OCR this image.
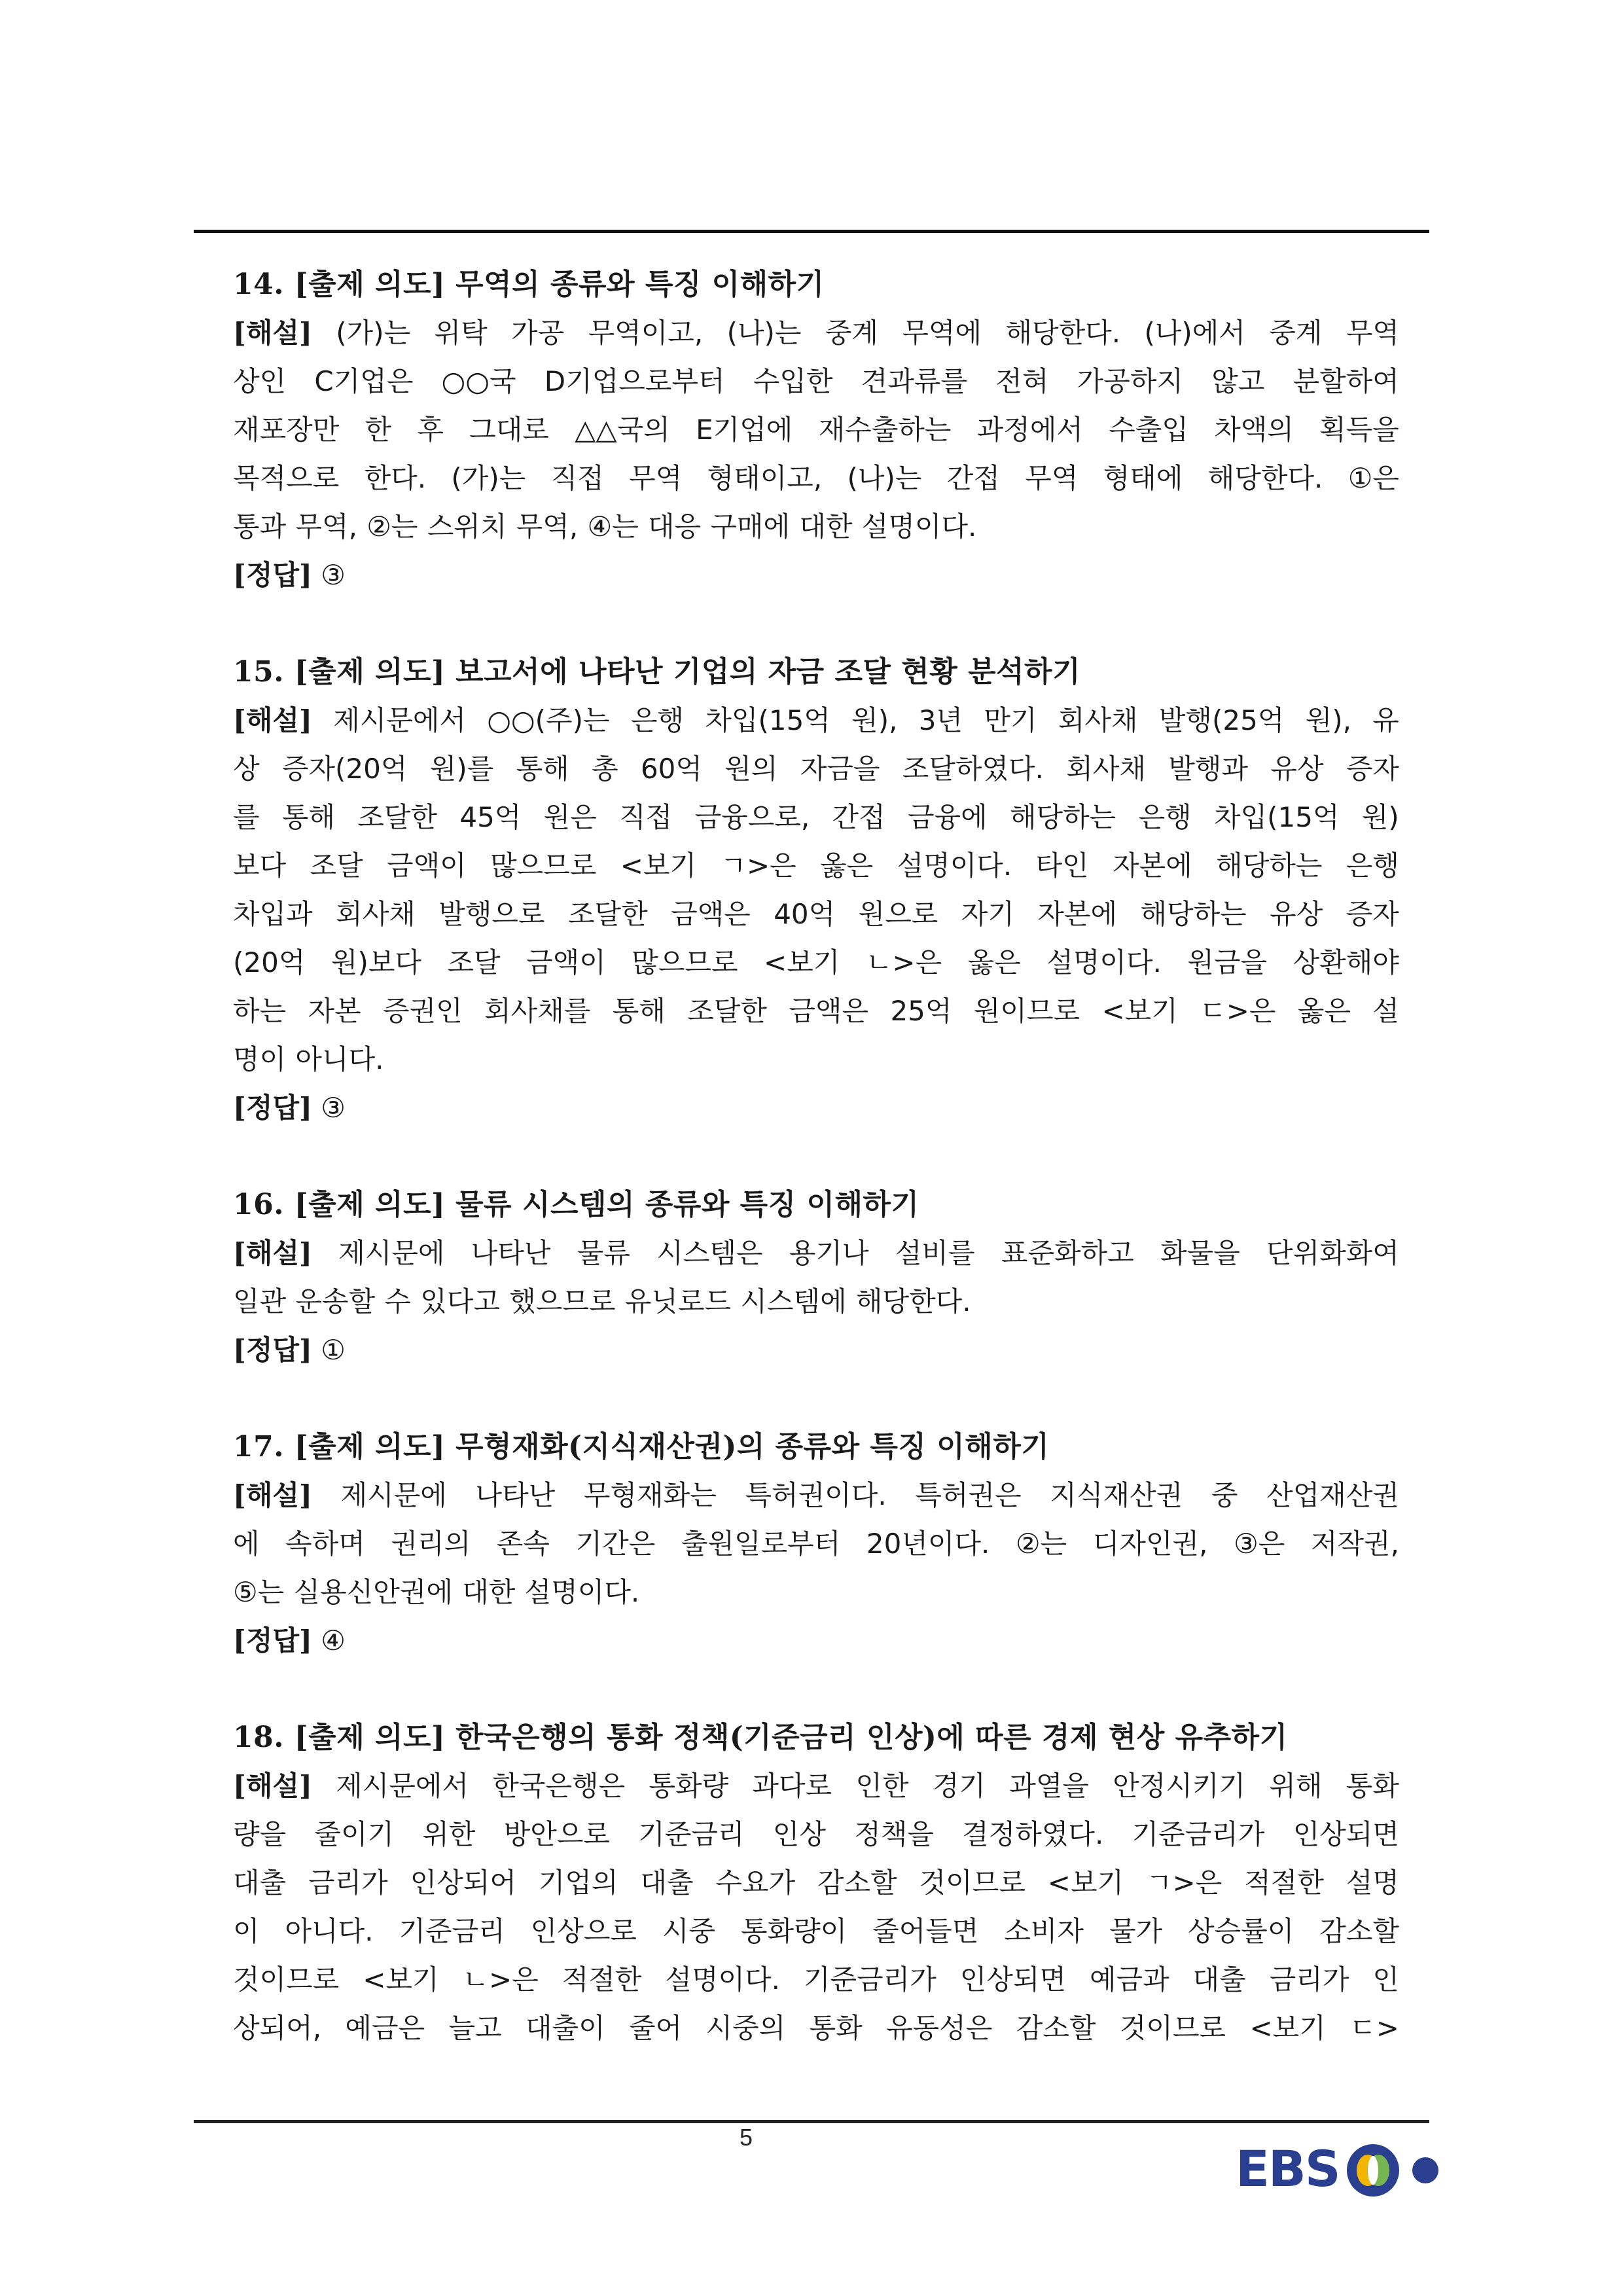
14. [출제 의도] 무역의 종류와 특징 이해하기
[해설] (가)는 위탁 가공 무역이고, (나)는 중계 무역에 해당한다. (나)에서 중계 무역
상인 C기업은 ○○국 D기업으로부터 수입한 견과류를 전혀 가공하지 않고 분할하여
재포장만 한 후 그대로 △△국의 E기업에 재수출하는 과정에서 수출입 차액의 획득을
목적으로 한다. (가)는 직접 무역 형태이고, (나)는 간접 무역 형태에 해당한다. ①은
통과 무역, ②는 스위치 무역, ④는 대응 구매에 대한 설명이다.
[정답] ③
15. [출제 의도] 보고서에 나타난 기업의 자금 조달 현황 분석하기
[해설] 제시문에서 ○○(주)는 은행 차입(15억 원), 3년 만기 회사채 발행(25억 원), 유
상 증자(20억 원)를 통해 총 60억 원의 자금을 조달하였다. 회사채 발행과 유상 증자
를 통해 조달한 45억 원은 직접 금융으로, 간접 금융에 해당하는 은행 차입(15억 원)
보다 조달 금액이 많으므로 <보기 ㄱ>은 옳은 설명이다. 타인 자본에 해당하는 은행
차입과 회사채 발행으로 조달한 금액은 40억 원으로 자기 자본에 해당하는 유상 증자
(20억 원)보다 조달 금액이 많으므로 <보기 ㄴ>은 옳은 설명이다. 원금을 상환해야
하는 자본 증권인 회사채를 통해 조달한 금액은 25억 원이므로 <보기 ㄷ>은 옳은 설
명이 아니다.
[정답] ③
16. [출제 의도] 물류 시스템의 종류와 특징 이해하기
[해설] 제시문에 나타난 물류 시스템은 용기나 설비를 표준화하고 화물을 단위화화여
일관 운송할 수 있다고 했으므로 유닛로드 시스템에 해당한다.
[정답] ①
17. [출제 의도] 무형재화(지식재산권)의 종류와 특징 이해하기
[해설] 제시문에 나타난 무형재화는 특허권이다. 특허권은 지식재산권 중 산업재산권
에 속하며 권리의 존속 기간은 출원일로부터 20년이다. ②는 디자인권, ③은 저작권,
⑤는 실용신안권에 대한 설명이다.
[정답] ④
18. [출제 의도] 한국은행의 통화 정책(기준금리 인상)에 따른 경제 현상 유추하기
[해설] 제시문에서 한국은행은 통화량 과다로 인한 경기 과열을 안정시키기 위해 통화
량을 줄이기 위한 방안으로 기준금리 인상 정책을 결정하였다. 기준금리가 인상되면
대출 금리가 인상되어 기업의 대출 수요가 감소할 것이므로 <보기 ㄱ>은 적절한 설명
이 아니다. 기준금리 인상으로 시중 통화량이 줄어들면 소비자 물가 상승률이 감소할
것이므로 <보기 ㄴ>은 적절한 설명이다. 기준금리가 인상되면 예금과 대출 금리가 인
상되어, 예금은 늘고 대출이 줄어 시중의 통화 유동성은 감소할 것이므로 <보기 ㄷ>
5
EBS
